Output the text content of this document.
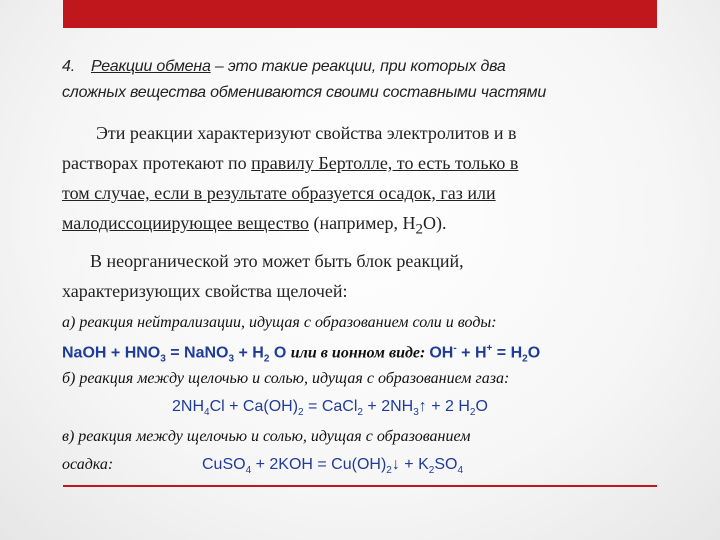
4. Реакции обмена – это такие реакции, при которых два
сложных вещества обмениваются своими составными частями
Эти реакции характеризуют свойства электролитов и в
растворах протекают по правилу Бертолле, то есть только в
том случае, если в результате образуется осадок, газ или
малодиссоциирующее вещество (например, $H_2O$).
В неорганической это может быть блок реакций,
характеризующих свойства щелочей:
а) реакция нейтрализации, идущая с образованием соли и воды:
NaOH + $HNO_3$ = NaNO$_3$ + $H_2$ O или в ионном виде: $OH^- + H^+ = H_2O$
б) реакция между щелочью и солью, идущая с образованием газа:
$2NH_4Cl + Ca(OH)_2$ = CaCl$_2$ + $2NH_3↑ + 2$ $H_2O$
в) реакция между щелочью и солью, идущая с образованием
осадка:	CuSO$_4$ + $2KOH = Cu(OH)_2↓ + K_2SO_4$
